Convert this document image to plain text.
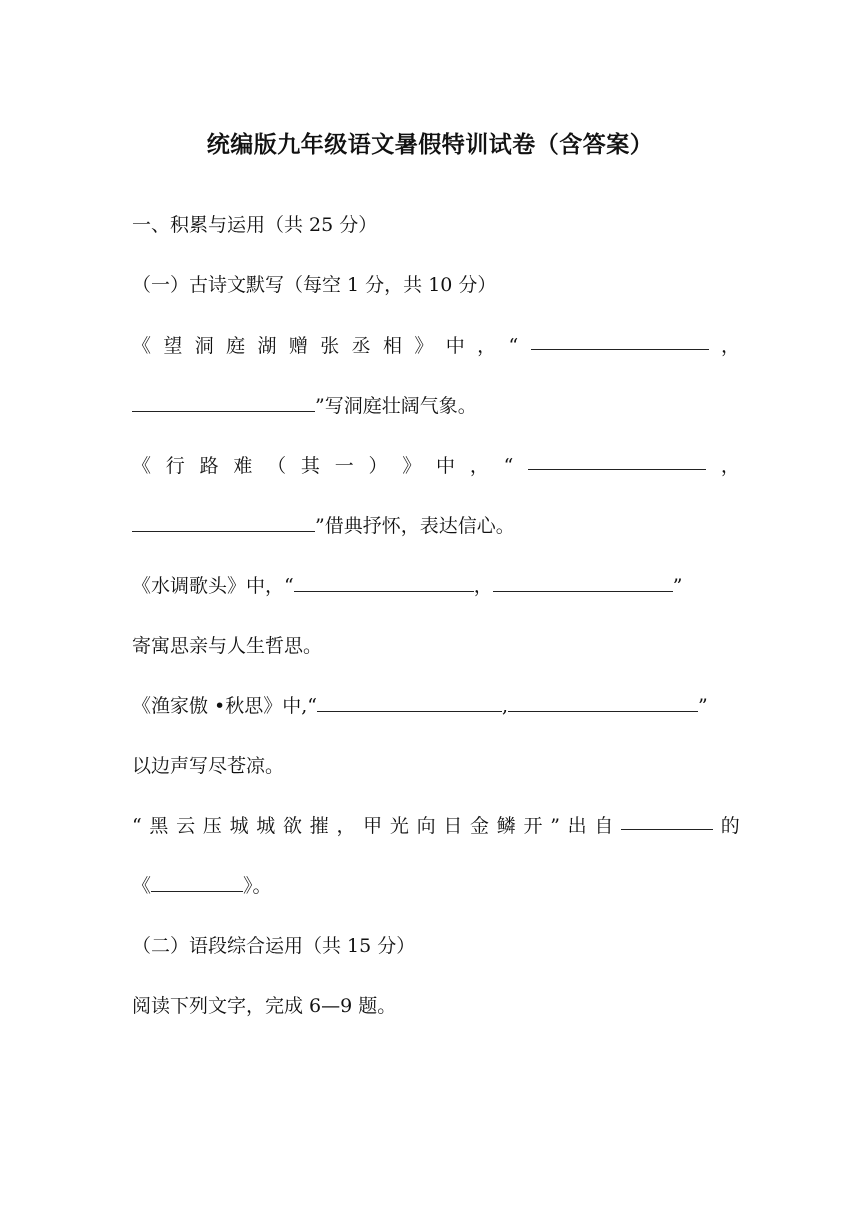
统编版九年级语文暑假特训试卷（含答案）
一、积累与运用（共 25 分）
（一）古诗文默写（每空 1 分，共 10 分）
《 望 洞 庭 湖 赠 张 丞 相 》 中 ， “	，
”写洞庭壮阔气象。
《 行 路 难 （ 其 一 ） 》 中 ， “	，
”借典抒怀，表达信心。
《水调歌头》中，“	，	”
寄寓思亲与人生哲思。
《渔家傲 •秋思》中,“	,	”
以边声写尽苍凉。
“ 黑 云 压 城 城 欲 摧 ， 甲 光 向 日 金 鳞 开 ” 出 自	的
《	》。
（二）语段综合运用（共 15 分）
阅读下列文字，完成 6—9 题。
